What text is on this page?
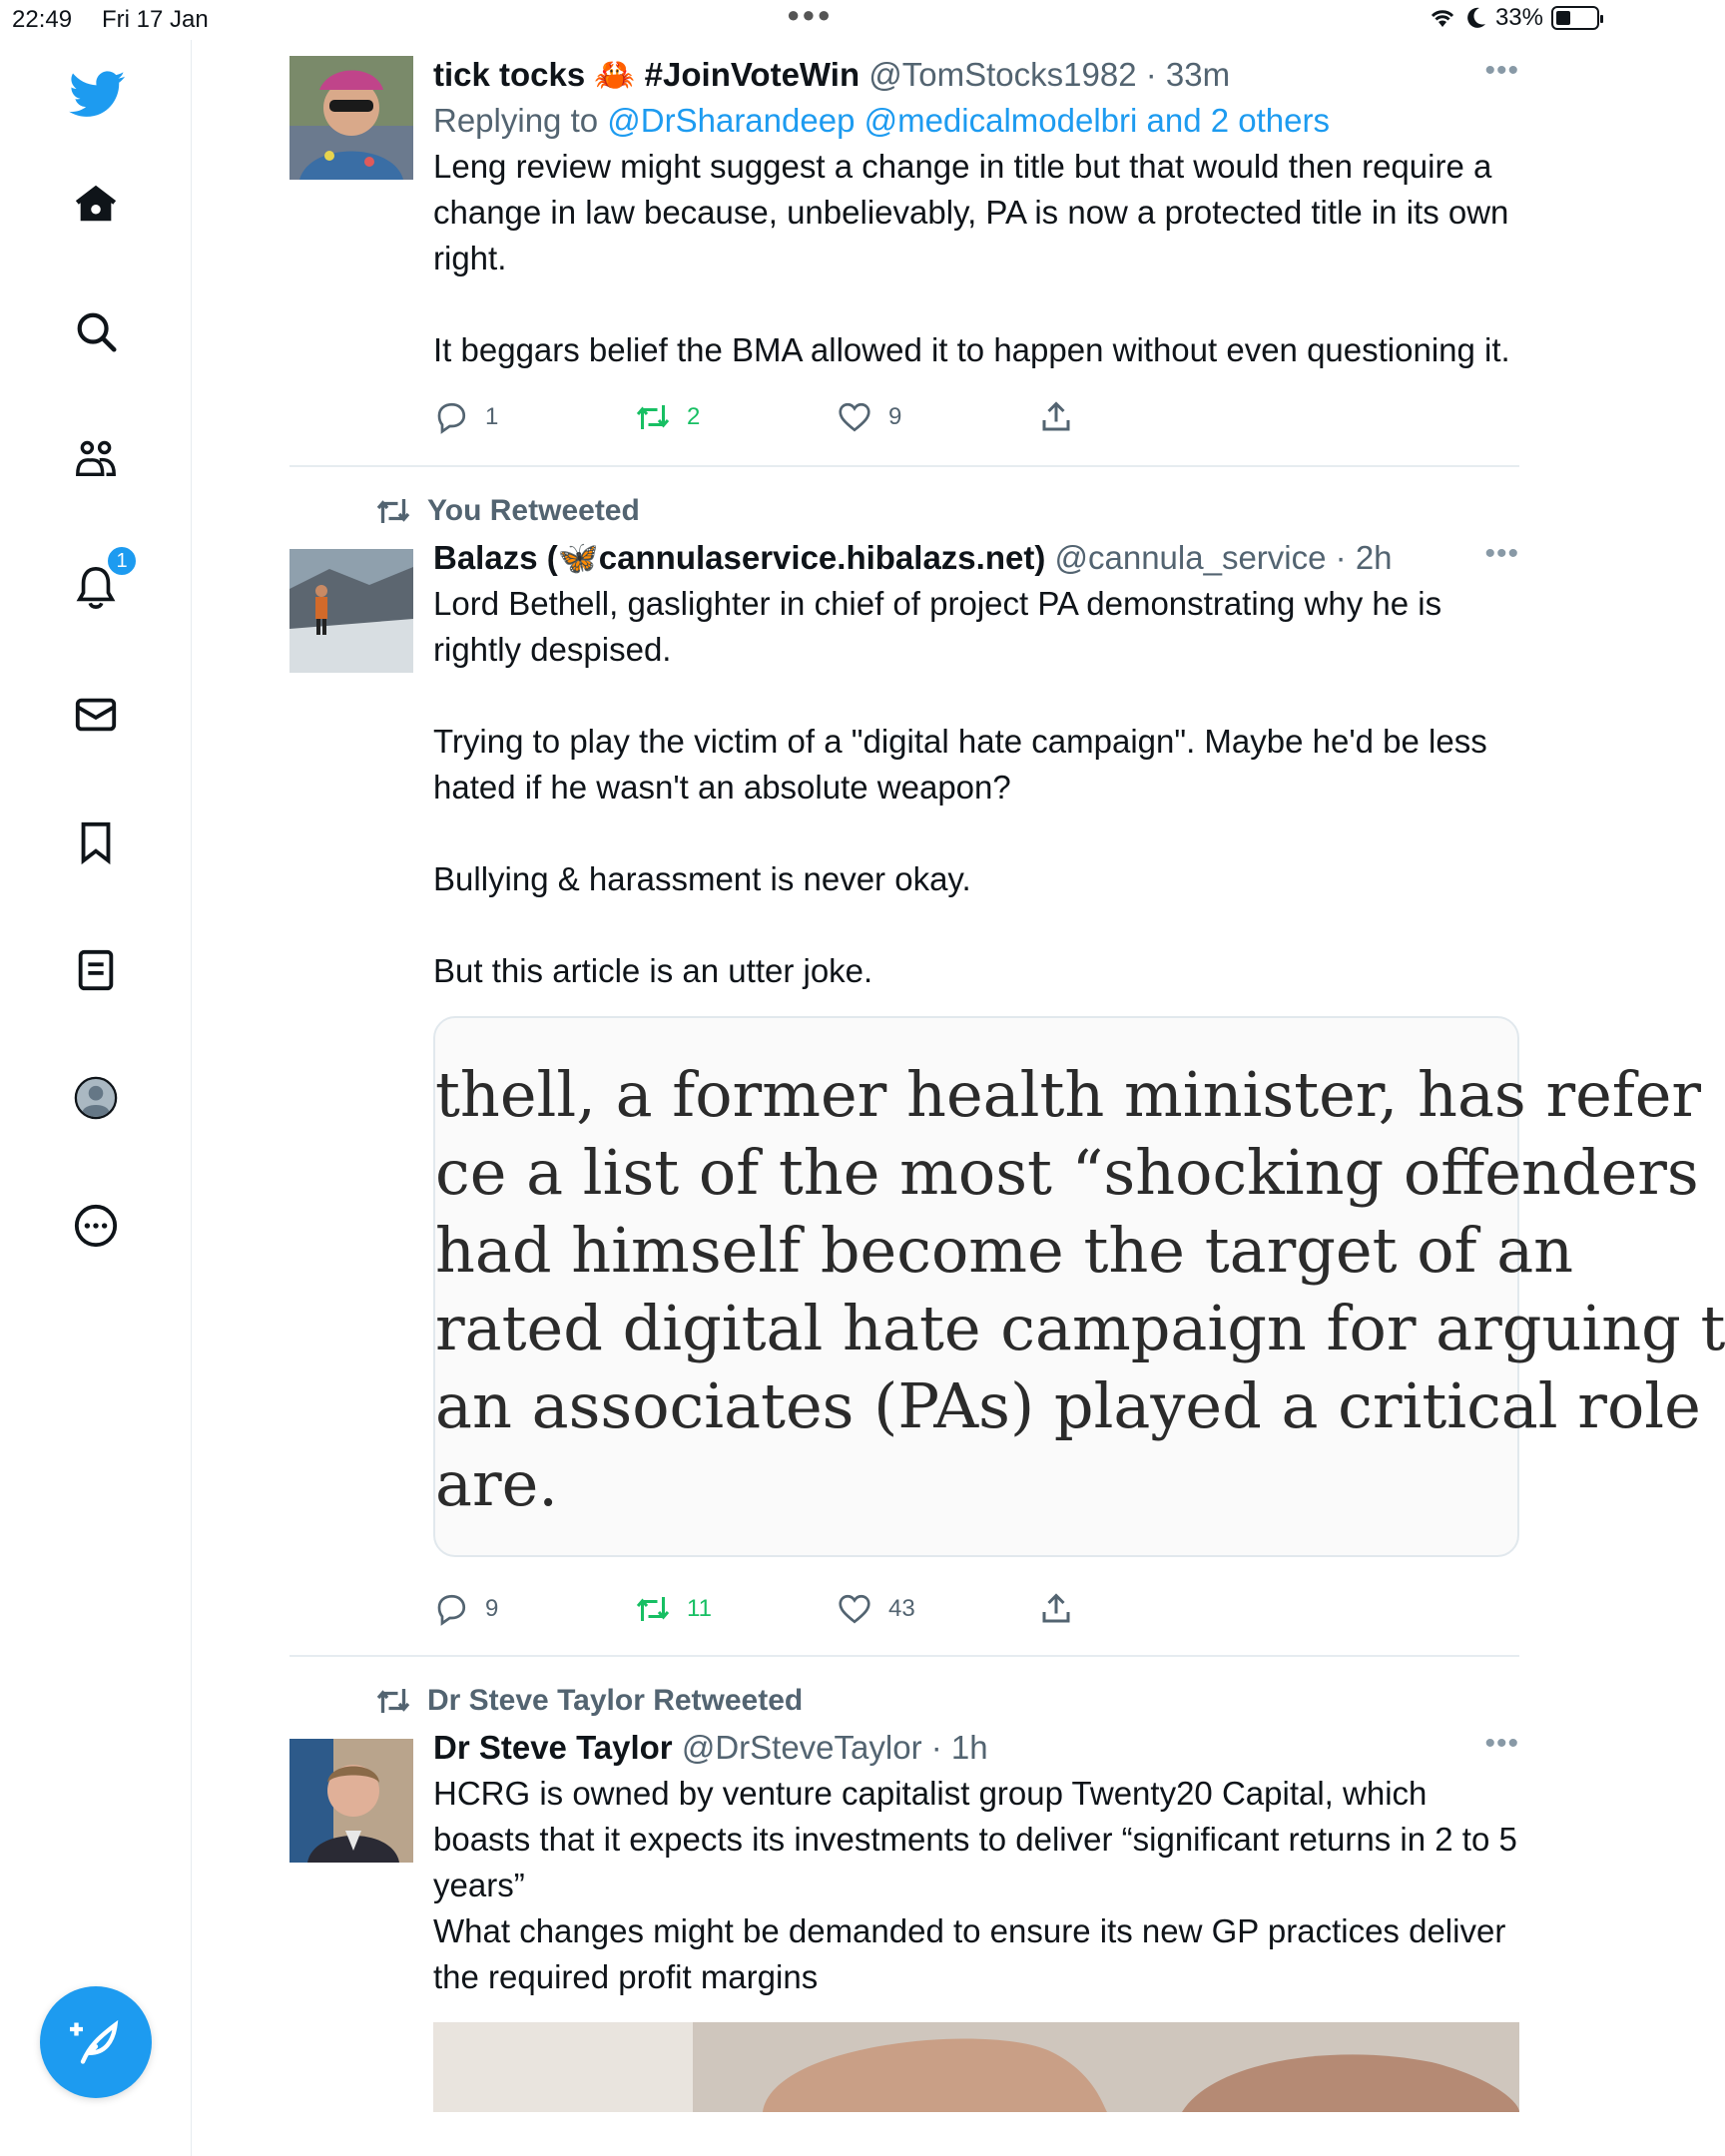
22:49 Fri 17 Jan	●●●	33%
1
tick tocks 🦀 #JoinVoteWin @TomStocks1982 · 33m	•••
Replying to @DrSharandeep @medicalmodelbri and 2 others
Leng review might suggest a change in title but that would then require a change in law because, unbelievably, PA is now a protected title in its own right.
It beggars belief the BMA allowed it to happen without even questioning it.
1	2	9
You Retweeted
Balazs (🦋cannulaservice.hibalazs.net) @cannula_service · 2h	•••
Lord Bethell, gaslighter in chief of project PA demonstrating why he is rightly despised.
Trying to play the victim of a "digital hate campaign". Maybe he'd be less hated if he wasn't an absolute weapon?
Bullying & harassment is never okay.
But this article is an utter joke.
thell, a former health minister, has refer
ce a list of the most “shocking offenders
had himself become the target of an
rated digital hate campaign for arguing t
an associates (PAs) played a critical role
are.
9	11	43
Dr Steve Taylor Retweeted
Dr Steve Taylor @DrSteveTaylor · 1h	•••
HCRG is owned by venture capitalist group Twenty20 Capital, which boasts that it expects its investments to deliver “significant returns in 2 to 5 years”
What changes might be demanded to ensure its new GP practices deliver the required profit margins
